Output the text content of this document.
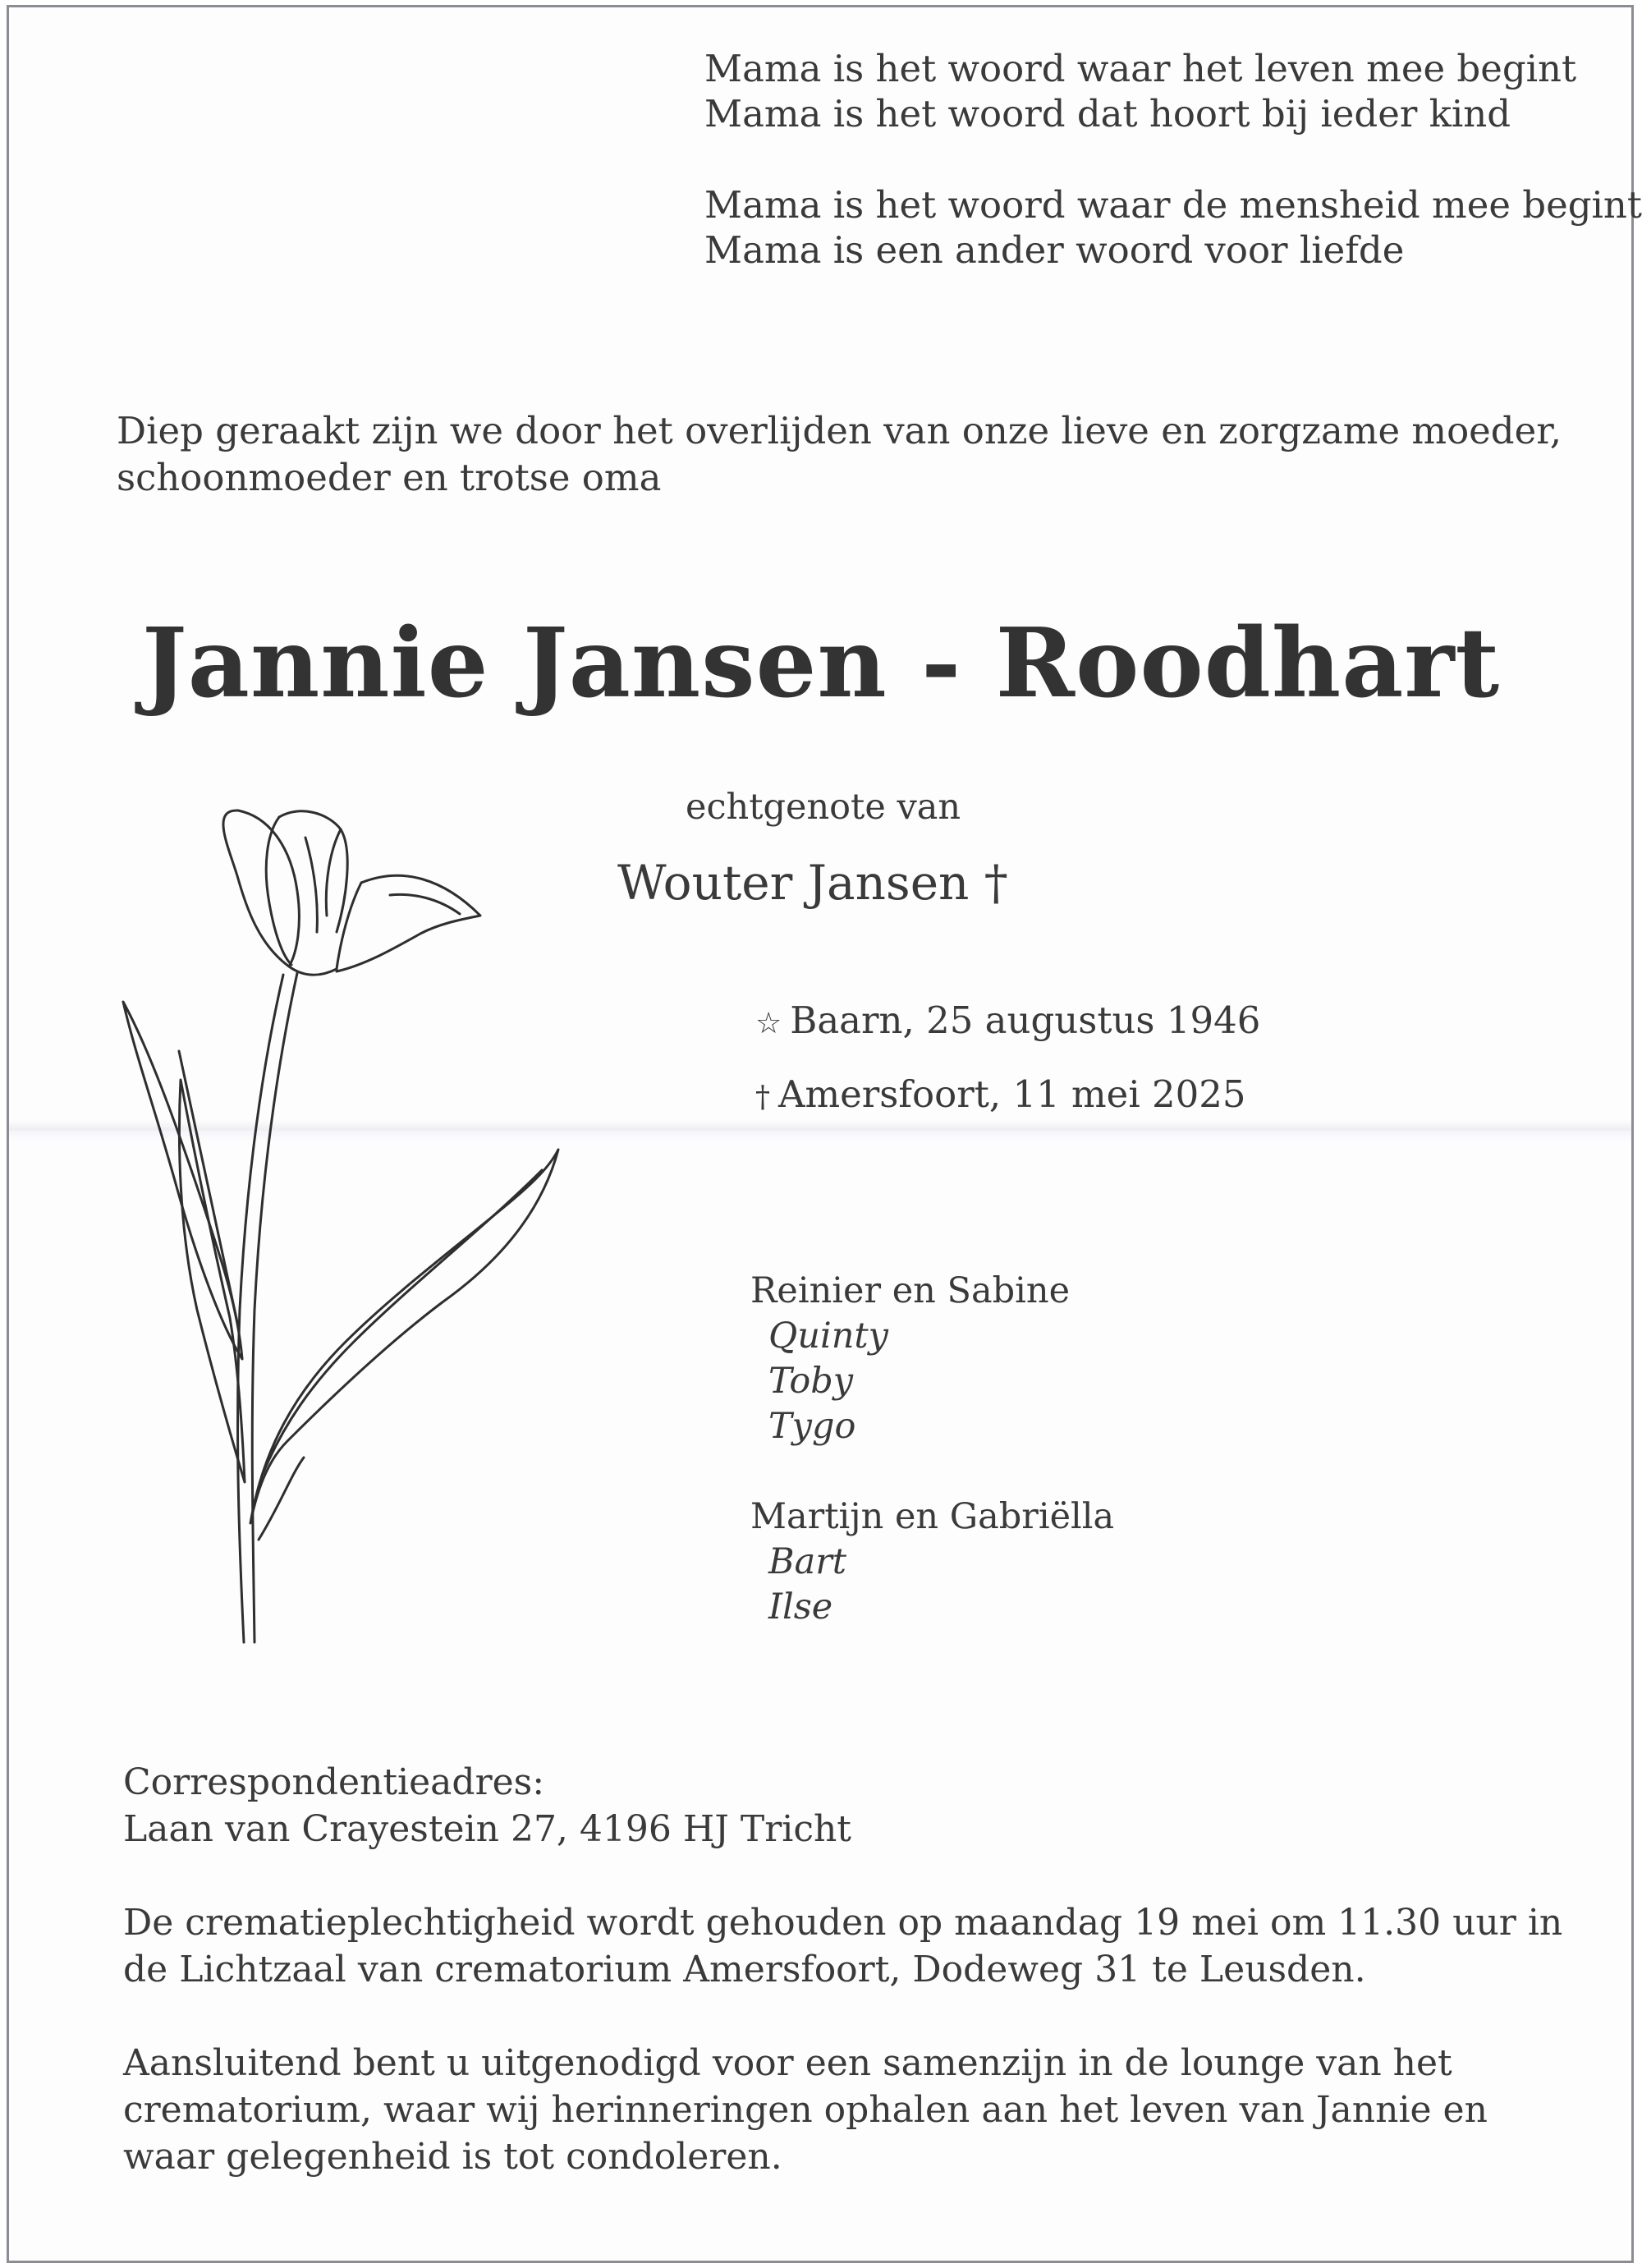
Mama is het woord waar het leven mee begint
Mama is het woord dat hoort bij ieder kind
Mama is het woord waar de mensheid mee begint
Mama is een ander woord voor liefde
Diep geraakt zijn we door het overlijden van onze lieve en zorgzame moeder,
schoonmoeder en trotse oma
Jannie Jansen - Roodhart
echtgenote van
Wouter Jansen †
☆ Baarn, 25 augustus 1946
† Amersfoort, 11 mei 2025
Reinier en Sabine
Quinty
Toby
Tygo
Martijn en Gabriëlla
Bart
Ilse
Correspondentieadres:
Laan van Crayestein 27, 4196 HJ Tricht
De crematieplechtigheid wordt gehouden op maandag 19 mei om 11.30 uur in
de Lichtzaal van crematorium Amersfoort, Dodeweg 31 te Leusden.
Aansluitend bent u uitgenodigd voor een samenzijn in de lounge van het
crematorium, waar wij herinneringen ophalen aan het leven van Jannie en
waar gelegenheid is tot condoleren.
